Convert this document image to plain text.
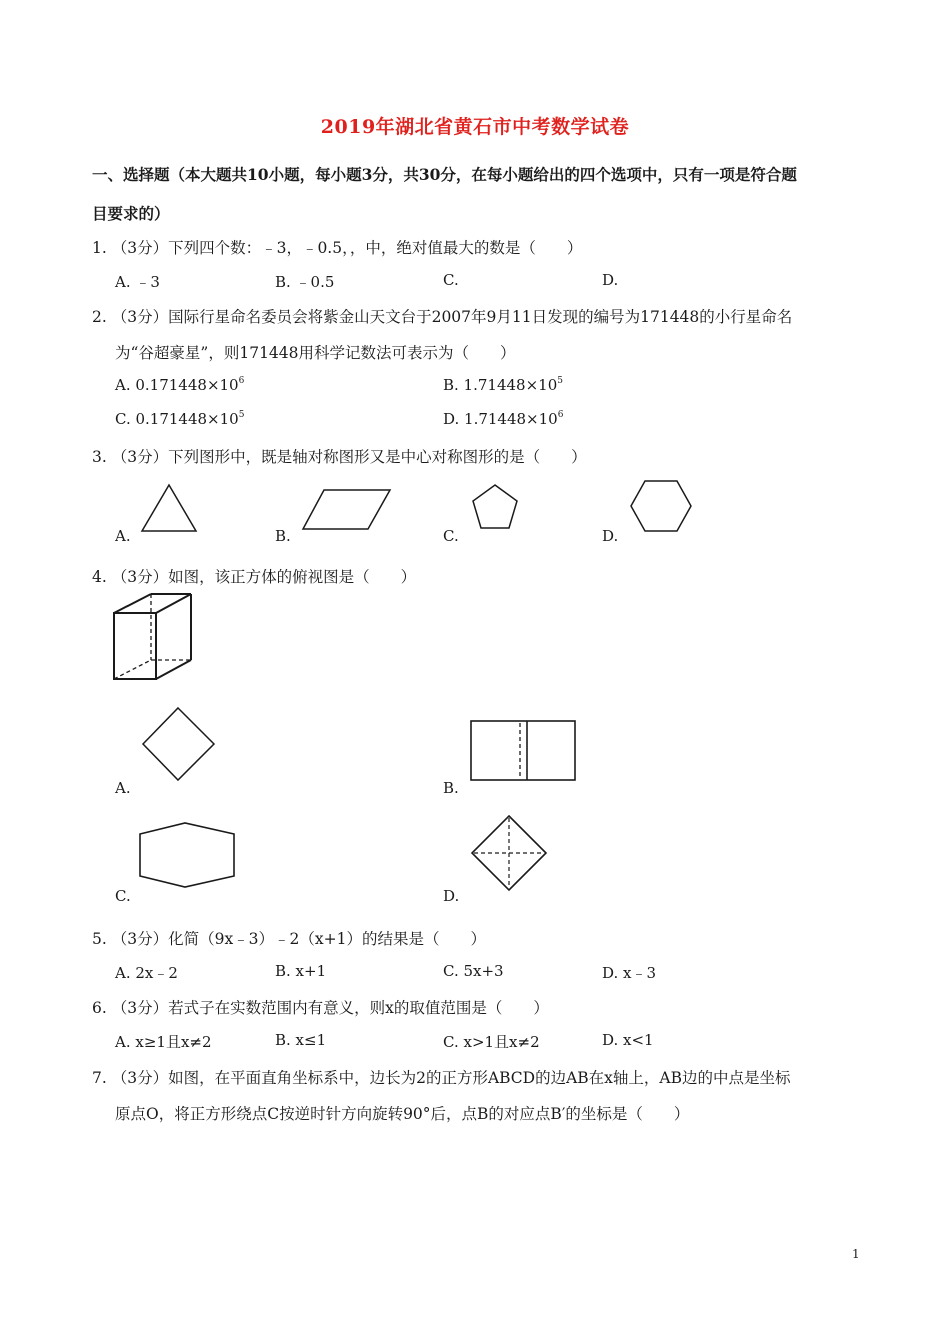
2019年湖北省黄石市中考数学试卷
一、选择题（本大题共10小题，每小题3分，共30分，在每小题给出的四个选项中，只有一项是符合题
目要求的）
1. （3分）下列四个数：﹣3，﹣0.5，，中，绝对值最大的数是（　　）
A. ﹣3	B. ﹣0.5	C.	D.
2. （3分）国际行星命名委员会将紫金山天文台于2007年9月11日发现的编号为171448的小行星命名
为“谷超豪星”，则171448用科学记数法可表示为（　　）
A. $0.171448\times 10^6$	B. $1.71448\times 10^5$
C. $0.171448\times 10^5$	D. $1.71448\times 10^6$
3. （3分）下列图形中，既是轴对称图形又是中心对称图形的是（　　）
A.	B.	C.	D.
4. （3分）如图，该正方体的俯视图是（　　）
A.	B.
C.	D.
5. （3分）化简（9x﹣3）﹣2（x+1）的结果是（　　）
A. 2x﹣2	B. x+1	C. 5x+3	D. x﹣3
6. （3分）若式子在实数范围内有意义，则x的取值范围是（　　）
A. x≥1且x≠2	B. x≤1	C. x>1且x≠2	D. x<1
7. （3分）如图，在平面直角坐标系中，边长为2的正方形ABCD的边AB在x轴上，AB边的中点是坐标
原点O，将正方形绕点C按逆时针方向旋转90°后，点B的对应点B′的坐标是（　　）
1
